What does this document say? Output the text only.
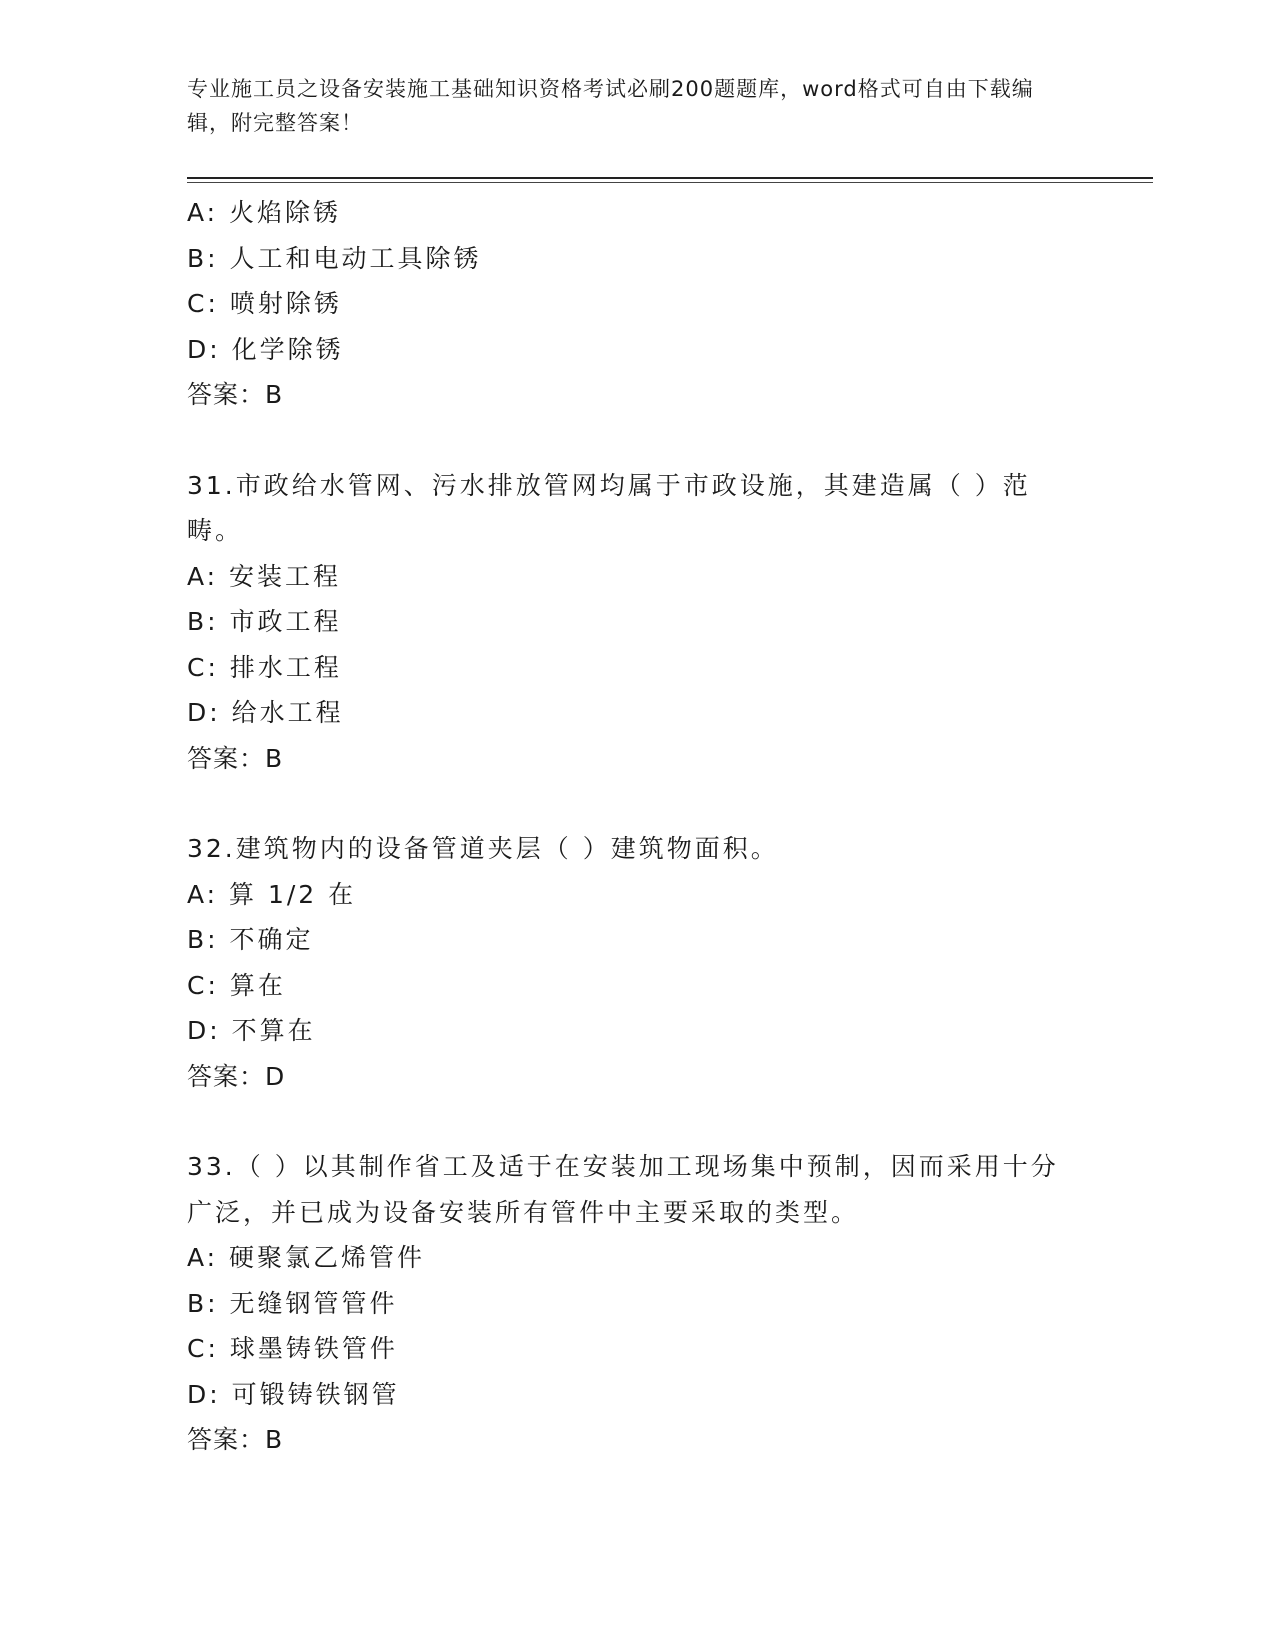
专业施工员之设备安装施工基础知识资格考试必刷200题题库，word格式可自由下载编辑，附完整答案！
A: 火焰除锈
B: 人工和电动工具除锈
C: 喷射除锈
D: 化学除锈
答案：B
31.市政给水管网、污水排放管网均属于市政设施，其建造属（ ）范畴。
A: 安装工程
B: 市政工程
C: 排水工程
D: 给水工程
答案：B
32.建筑物内的设备管道夹层（ ）建筑物面积。
A: 算 1/2 在
B: 不确定
C: 算在
D: 不算在
答案：D
33.（ ）以其制作省工及适于在安装加工现场集中预制，因而采用十分广泛，并已成为设备安装所有管件中主要采取的类型。
A: 硬聚氯乙烯管件
B: 无缝钢管管件
C: 球墨铸铁管件
D: 可锻铸铁钢管
答案：B
